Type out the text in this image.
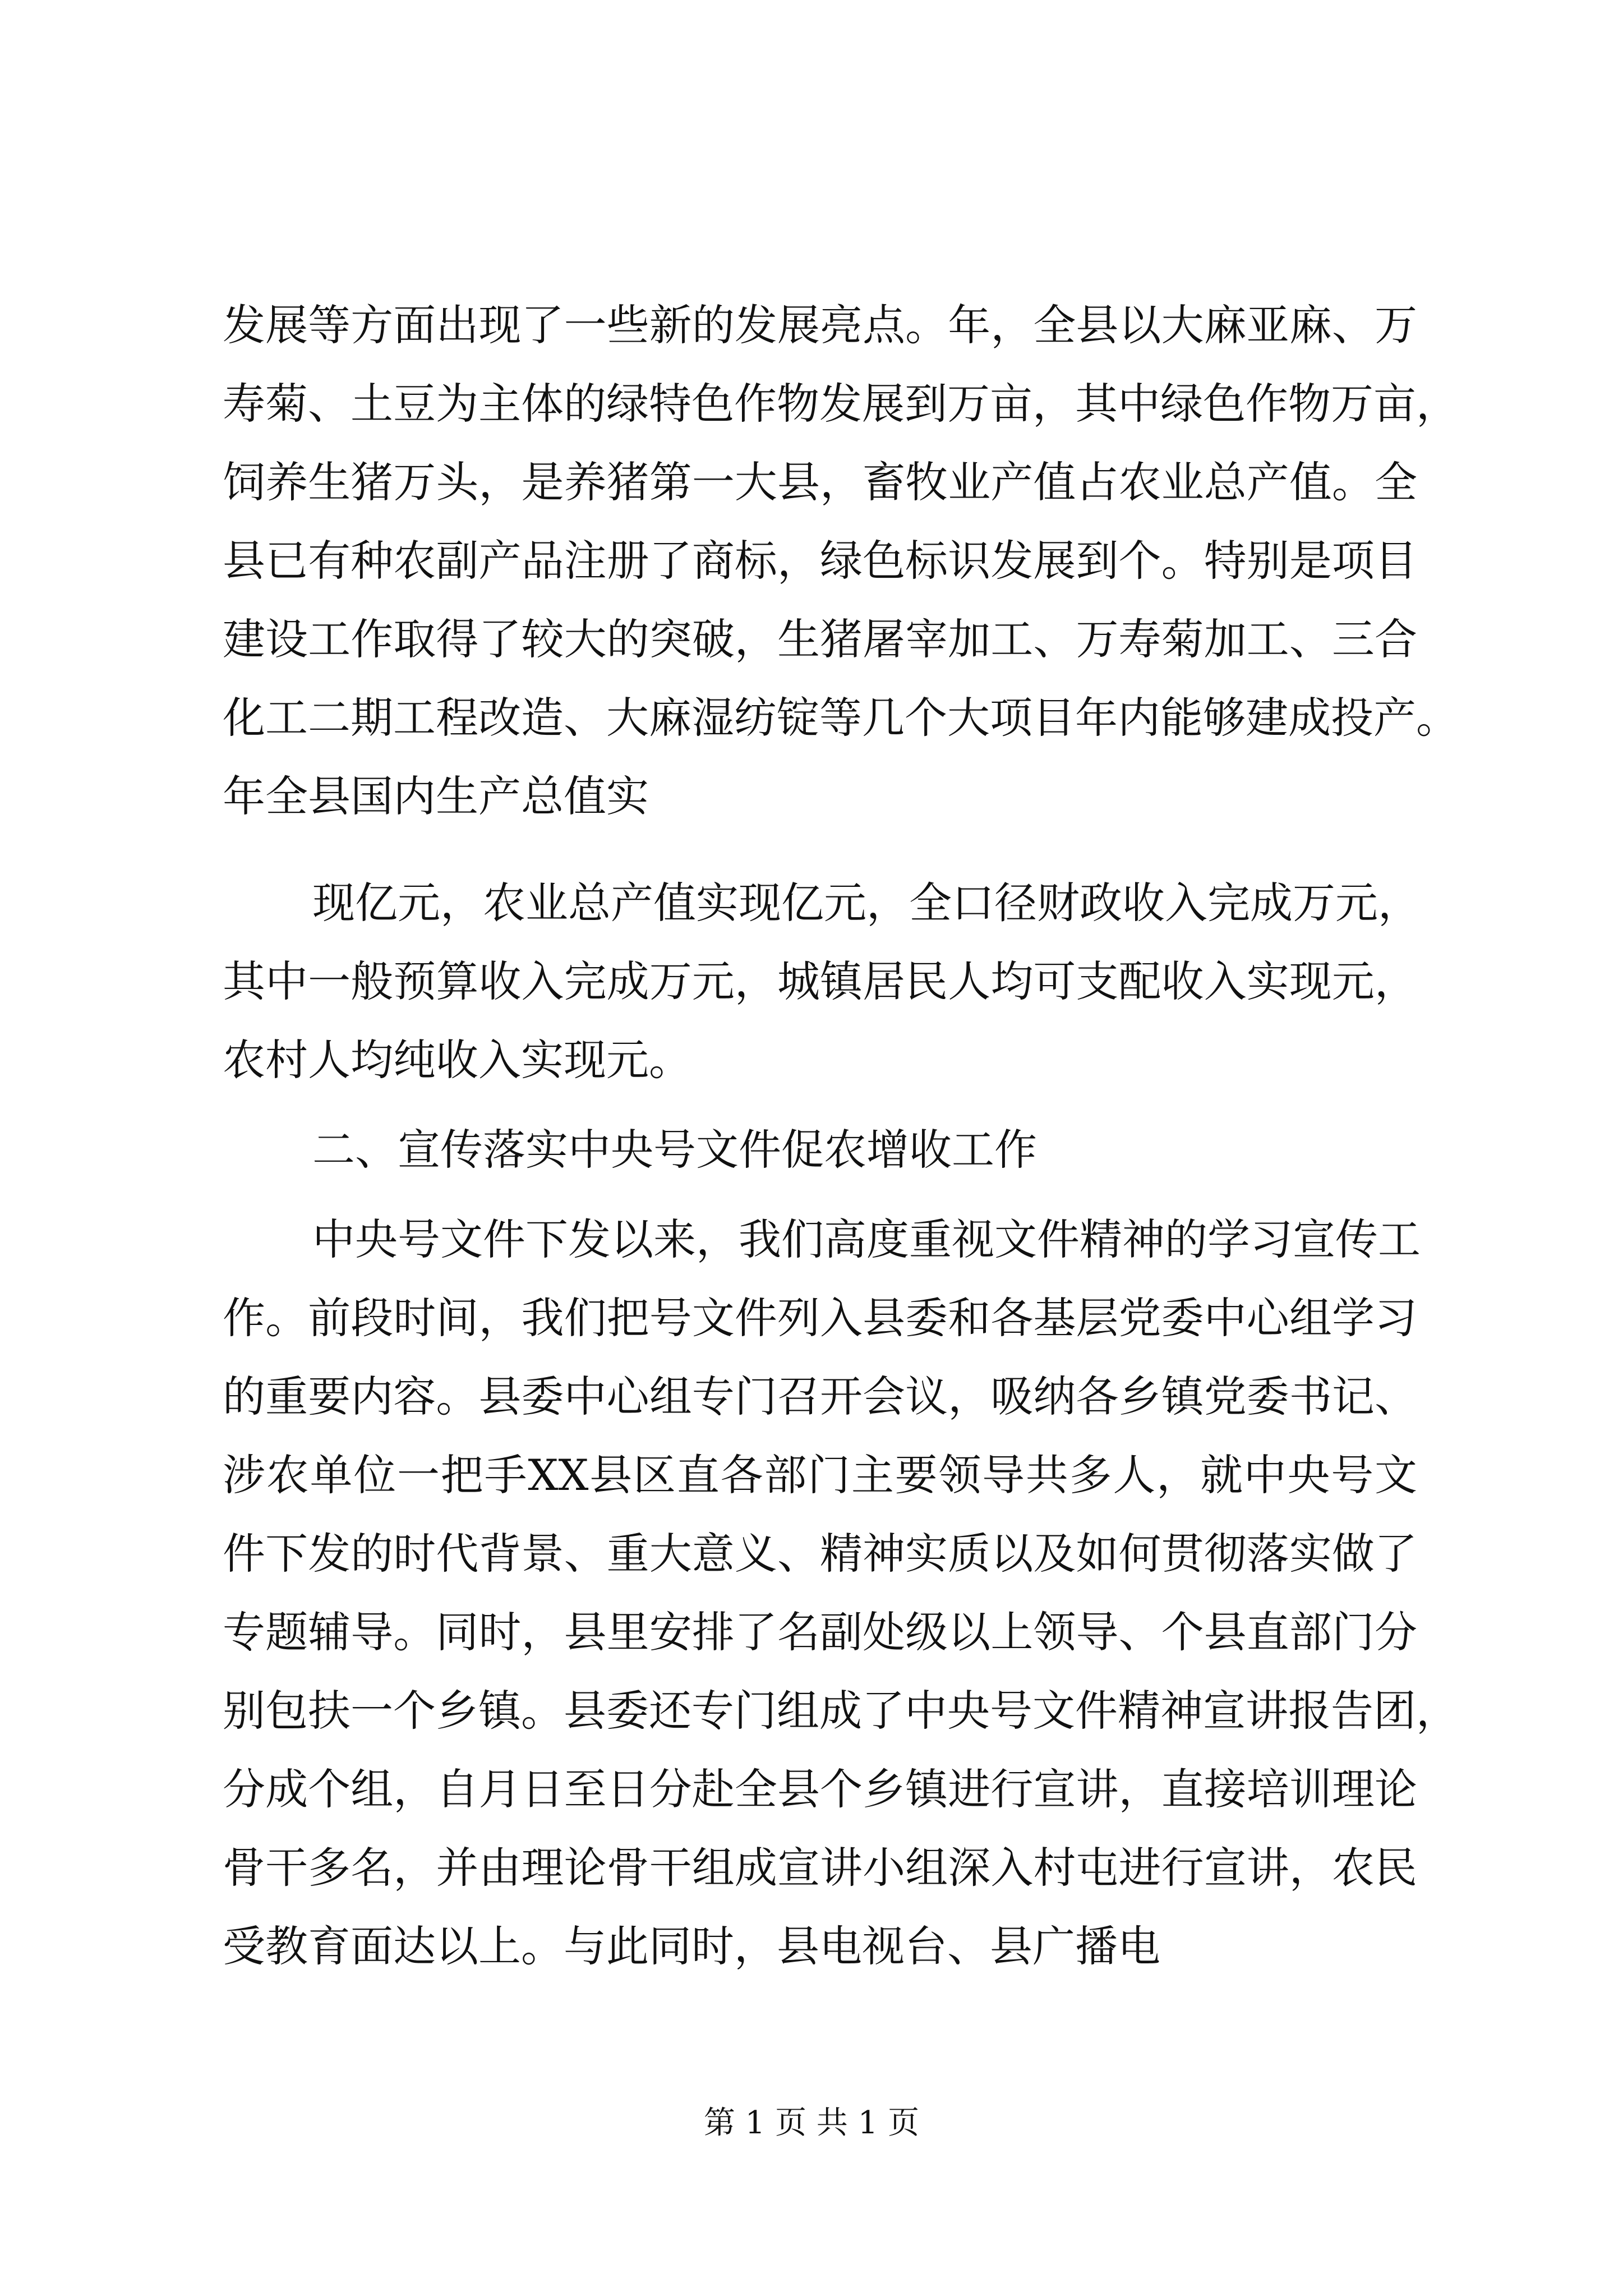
发展等方面出现了一些新的发展亮点。年，全县以大麻亚麻、万
寿菊、土豆为主体的绿特色作物发展到万亩，其中绿色作物万亩，
饲养生猪万头，是养猪第一大县，畜牧业产值占农业总产值。全
县已有种农副产品注册了商标，绿色标识发展到个。特别是项目
建设工作取得了较大的突破，生猪屠宰加工、万寿菊加工、三合
化工二期工程改造、大麻湿纺锭等几个大项目年内能够建成投产。
年全县国内生产总值实
现亿元，农业总产值实现亿元，全口径财政收入完成万元，
其中一般预算收入完成万元，城镇居民人均可支配收入实现元，
农村人均纯收入实现元。
二、宣传落实中央号文件促农增收工作
中央号文件下发以来，我们高度重视文件精神的学习宣传工
作。前段时间，我们把号文件列入县委和各基层党委中心组学习
的重要内容。县委中心组专门召开会议，吸纳各乡镇党委书记、
涉农单位一把手XX县区直各部门主要领导共多人，就中央号文
件下发的时代背景、重大意义、精神实质以及如何贯彻落实做了
专题辅导。同时，县里安排了名副处级以上领导、个县直部门分
别包扶一个乡镇。县委还专门组成了中央号文件精神宣讲报告团，
分成个组，自月日至日分赴全县个乡镇进行宣讲，直接培训理论
骨干多名，并由理论骨干组成宣讲小组深入村屯进行宣讲，农民
受教育面达以上。与此同时，县电视台、县广播电
第 1 页 共 1 页
